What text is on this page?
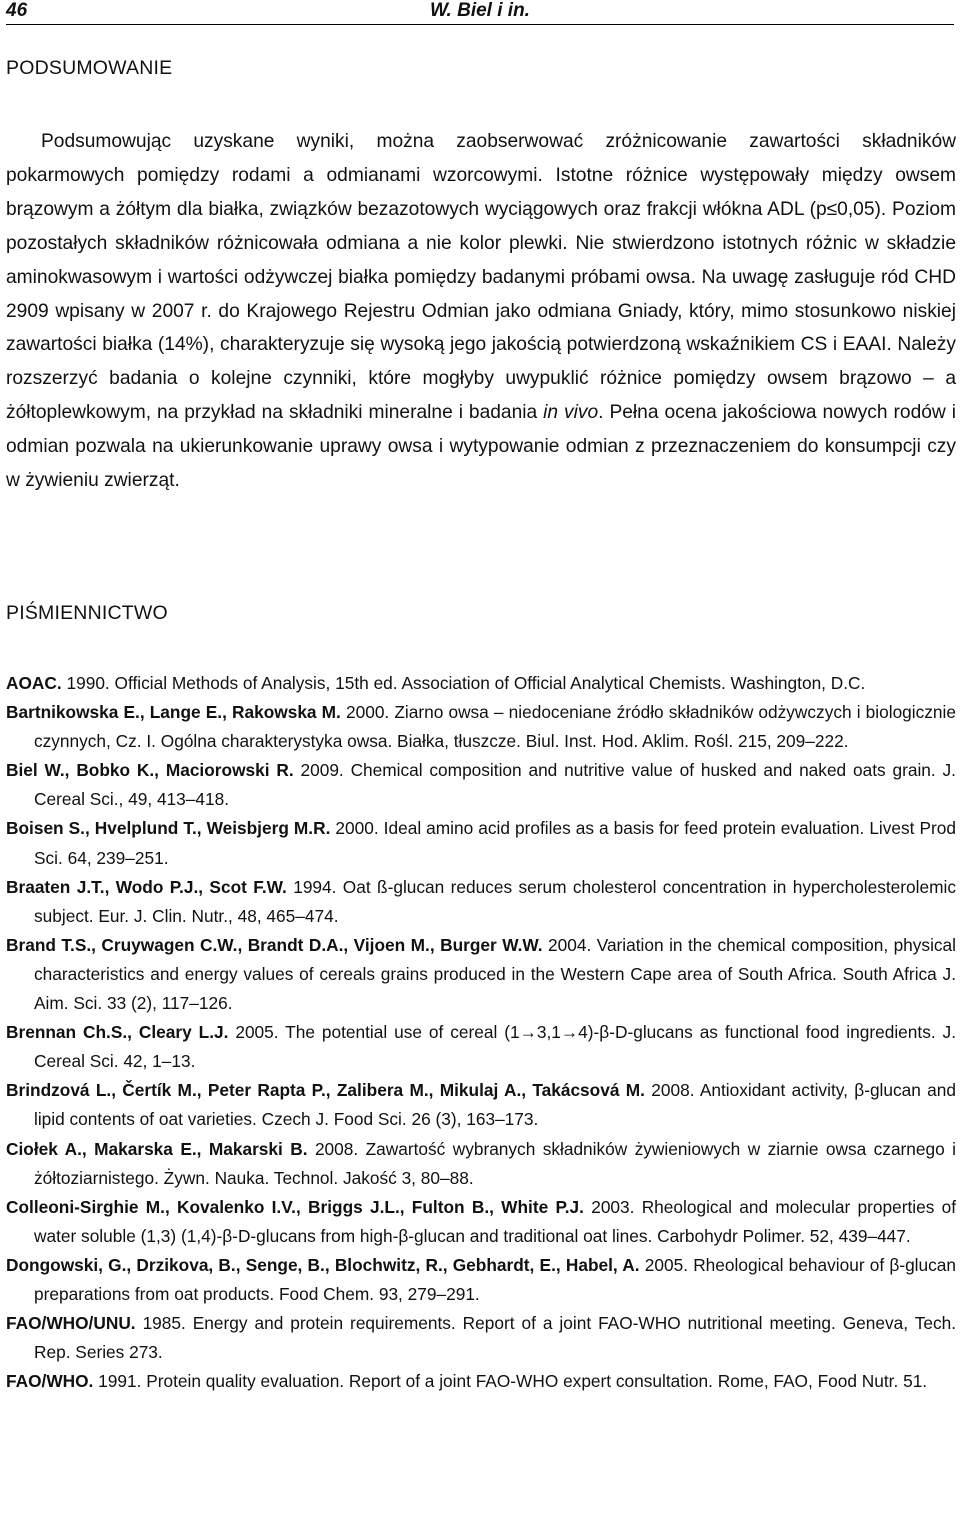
46	W. Biel i in.
PODSUMOWANIE

Podsumowując uzyskane wyniki, można zaobserwować zróżnicowanie zawartości składników pokarmowych pomiędzy rodami a odmianami wzorcowymi. Istotne różnice występowały między owsem brązowym a żółtym dla białka, związków bezazotowych wyciągowych oraz frakcji włókna ADL (p≤0,05). Poziom pozostałych składników różnicowała odmiana a nie kolor plewki. Nie stwierdzono istotnych różnic w składzie aminokwasowym i wartości odżywczej białka pomiędzy badanymi próbami owsa. Na uwagę zasługuje ród CHD 2909 wpisany w 2007 r. do Krajowego Rejestru Odmian jako odmiana Gniady, który, mimo stosunkowo niskiej zawartości białka (14%), charakteryzuje się wysoką jego jakością potwierdzoną wskaźnikiem CS i EAAI. Należy rozszerzyć badania o kolejne czynniki, które mogłyby uwypuklić różnice pomiędzy owsem brązowo – a żółtoplewkowym, na przykład na składniki mineralne i badania in vivo. Pełna ocena jakościowa nowych rodów i odmian pozwala na ukierunkowanie uprawy owsa i wytypowanie odmian z przeznaczeniem do konsumpcji czy w żywieniu zwierząt.

PIŚMIENNICTWO
AOAC. 1990. Official Methods of Analysis, 15th ed. Association of Official Analytical Chemists. Washington, D.C.
Bartnikowska E., Lange E., Rakowska M. 2000. Ziarno owsa – niedoceniane źródło składników odżywczych i biologicznie czynnych, Cz. I. Ogólna charakterystyka owsa. Białka, tłuszcze. Biul. Inst. Hod. Aklim. Rośl. 215, 209–222.
Biel W., Bobko K., Maciorowski R. 2009. Chemical composition and nutritive value of husked and naked oats grain. J. Cereal Sci., 49, 413–418.
Boisen S., Hvelplund T., Weisbjerg M.R. 2000. Ideal amino acid profiles as a basis for feed protein evaluation. Livest Prod Sci. 64, 239–251.
Braaten J.T., Wodo P.J., Scot F.W. 1994. Oat ß-glucan reduces serum cholesterol concentration in hypercholesterolemic subject. Eur. J. Clin. Nutr., 48, 465–474.
Brand T.S., Cruywagen C.W., Brandt D.A., Vijoen M., Burger W.W. 2004. Variation in the chemical composition, physical characteristics and energy values of cereals grains produced in the Western Cape area of South Africa. South Africa J. Aim. Sci. 33 (2), 117–126.
Brennan Ch.S., Cleary L.J. 2005. The potential use of cereal (1→3,1→4)-β-D-glucans as functional food ingredients. J. Cereal Sci. 42, 1–13.
Brindzová L., Čertík M., Peter Rapta P., Zalibera M., Mikulaj A., Takácsová M. 2008. Antioxidant activity, β-glucan and lipid contents of oat varieties. Czech J. Food Sci. 26 (3), 163–173.
Ciołek A., Makarska E., Makarski B. 2008. Zawartość wybranych składników żywieniowych w ziarnie owsa czarnego i żółtoziarnistego. Żywn. Nauka. Technol. Jakość 3, 80–88.
Colleoni-Sirghie M., Kovalenko I.V., Briggs J.L., Fulton B., White P.J. 2003. Rheological and molecular properties of water soluble (1,3) (1,4)-β-D-glucans from high-β-glucan and traditional oat lines. Carbohydr Polimer. 52, 439–447.
Dongowski, G., Drzikova, B., Senge, B., Blochwitz, R., Gebhardt, E., Habel, A. 2005. Rheological behaviour of β-glucan preparations from oat products. Food Chem. 93, 279–291.
FAO/WHO/UNU. 1985. Energy and protein requirements. Report of a joint FAO-WHO nutritional meeting. Geneva, Tech. Rep. Series 273.
FAO/WHO. 1991. Protein quality evaluation. Report of a joint FAO-WHO expert consultation. Rome, FAO, Food Nutr. 51.
